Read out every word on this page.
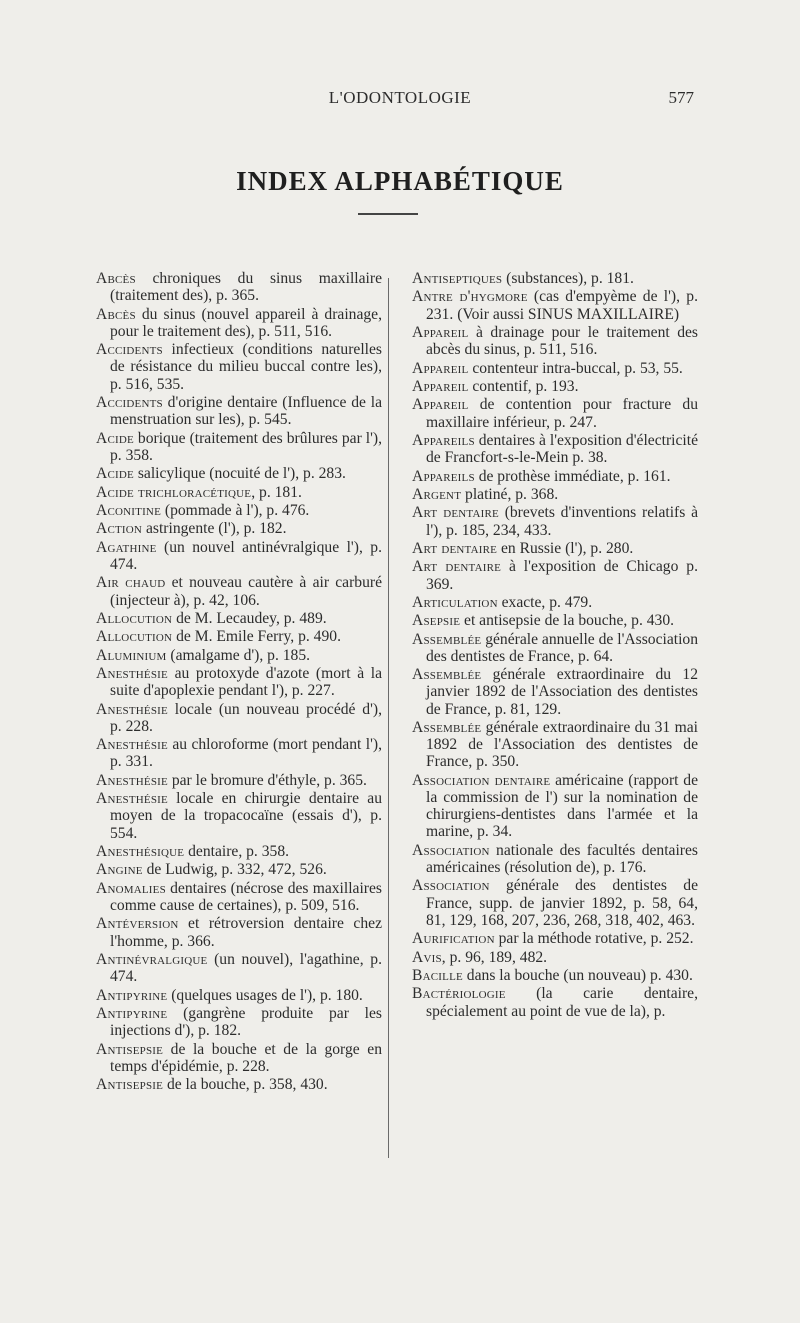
L'ODONTOLOGIE	577
INDEX ALPHABÉTIQUE

Abcès chroniques du sinus maxillaire (traitement des), p. 365.

Abcès du sinus (nouvel appareil à drainage, pour le traitement des), p. 511, 516.

Accidents infectieux (conditions naturelles de résistance du milieu buccal contre les), p. 516, 535.

Accidents d'origine dentaire (Influence de la menstruation sur les), p. 545.

Acide borique (traitement des brûlures par l'), p. 358.

Acide salicylique (nocuité de l'), p. 283.

Acide trichloracétique, p. 181.

Aconitine (pommade à l'), p. 476.

Action astringente (l'), p. 182.

Agathine (un nouvel antinévralgique l'), p. 474.

Air chaud et nouveau cautère à air carburé (injecteur à), p. 42, 106.

Allocution de M. Lecaudey, p. 489.

Allocution de M. Emile Ferry, p. 490.

Aluminium (amalgame d'), p. 185.

Anesthésie au protoxyde d'azote (mort à la suite d'apoplexie pendant l'), p. 227.

Anesthésie locale (un nouveau procédé d'), p. 228.

Anesthésie au chloroforme (mort pendant l'), p. 331.

Anesthésie par le bromure d'éthyle, p. 365.

Anesthésie locale en chirurgie dentaire au moyen de la tropacocaïne (essais d'), p. 554.

Anesthésique dentaire, p. 358.

Angine de Ludwig, p. 332, 472, 526.

Anomalies dentaires (nécrose des maxillaires comme cause de certaines), p. 509, 516.

Antéversion et rétroversion dentaire chez l'homme, p. 366.

Antinévralgique (un nouvel), l'agathine, p. 474.

Antipyrine (quelques usages de l'), p. 180.

Antipyrine (gangrène produite par les injections d'), p. 182.

Antisepsie de la bouche et de la gorge en temps d'épidémie, p. 228.

Antisepsie de la bouche, p. 358, 430.

Antiseptiques (substances), p. 181.

Antre d'hygmore (cas d'empyème de l'), p. 231. (Voir aussi SINUS MAXILLAIRE)

Appareil à drainage pour le traitement des abcès du sinus, p. 511, 516.

Appareil contenteur intra-buccal, p. 53, 55.

Appareil contentif, p. 193.

Appareil de contention pour fracture du maxillaire inférieur, p. 247.

Appareils dentaires à l'exposition d'électricité de Francfort-s-le-Mein p. 38.

Appareils de prothèse immédiate, p. 161.

Argent platiné, p. 368.

Art dentaire (brevets d'inventions relatifs à l'), p. 185, 234, 433.

Art dentaire en Russie (l'), p. 280.

Art dentaire à l'exposition de Chicago p. 369.

Articulation exacte, p. 479.

Asepsie et antisepsie de la bouche, p. 430.

Assemblée générale annuelle de l'Association des dentistes de France, p. 64.

Assemblée générale extraordinaire du 12 janvier 1892 de l'Association des dentistes de France, p. 81, 129.

Assemblée générale extraordinaire du 31 mai 1892 de l'Association des dentistes de France, p. 350.

Association dentaire américaine (rapport de la commission de l') sur la nomination de chirurgiens-dentistes dans l'armée et la marine, p. 34.

Association nationale des facultés dentaires américaines (résolution de), p. 176.

Association générale des dentistes de France, supp. de janvier 1892, p. 58, 64, 81, 129, 168, 207, 236, 268, 318, 402, 463.

Aurification par la méthode rotative, p. 252.

Avis, p. 96, 189, 482.

Bacille dans la bouche (un nouveau) p. 430.

Bactériologie (la carie dentaire, spécialement au point de vue de la), p.
